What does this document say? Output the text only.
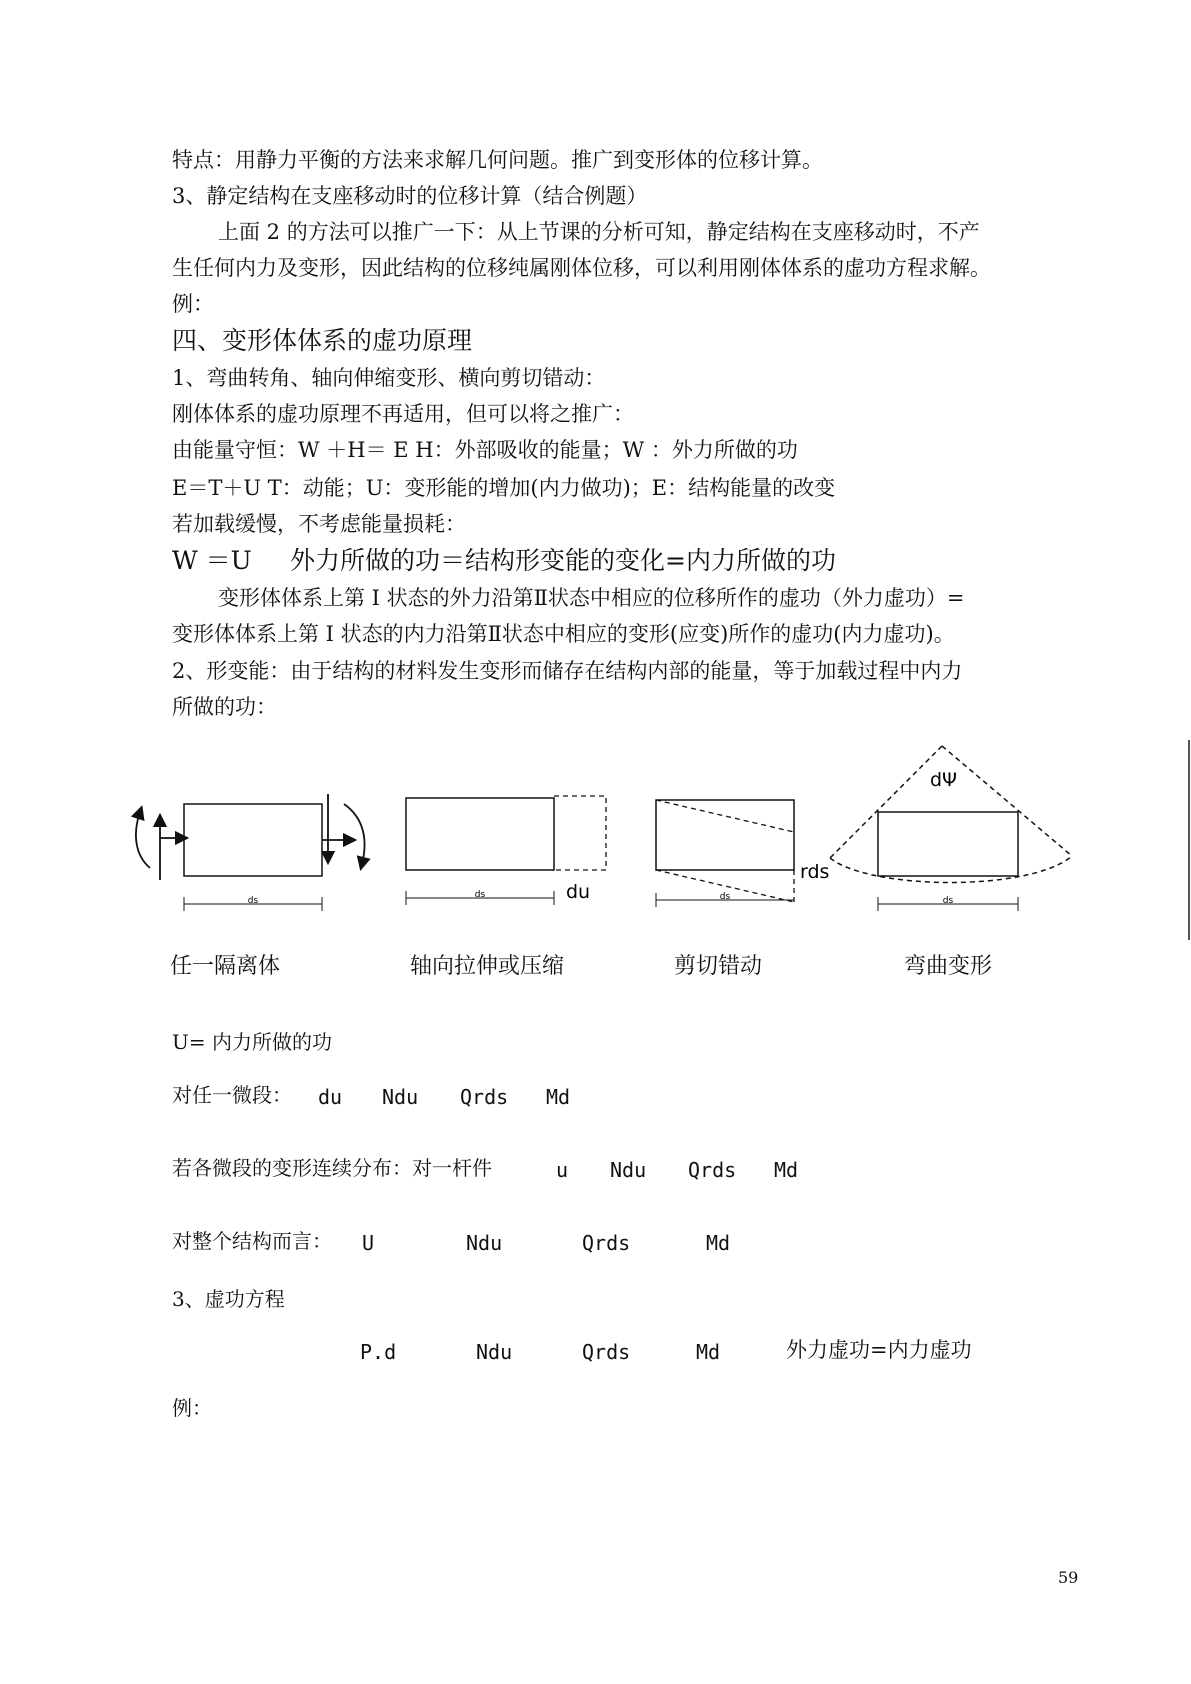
特点：用静力平衡的方法来求解几何问题。推广到变形体的位移计算。
3、静定结构在支座移动时的位移计算（结合例题）
上面 2 的方法可以推广一下：从上节课的分析可知，静定结构在支座移动时，不产
生任何内力及变形，因此结构的位移纯属刚体位移，可以利用刚体体系的虚功方程求解。
例：
四、变形体体系的虚功原理
1、弯曲转角、轴向伸缩变形、横向剪切错动：
刚体体系的虚功原理不再适用，但可以将之推广：
由能量守恒：W ＋H＝ E H：外部吸收的能量；W ：外力所做的功
E＝T＋U T：动能；U：变形能的增加(内力做功)；E：结构能量的改变
若加载缓慢，不考虑能量损耗：
W ＝U 外力所做的功＝结构形变能的变化=内力所做的功
变形体体系上第 I 状态的外力沿第Ⅱ状态中相应的位移所作的虚功（外力虚功）=
变形体体系上第 I 状态的内力沿第Ⅱ状态中相应的变形(应变)所作的虚功(内力虚功)。
2、形变能：由于结构的材料发生变形而储存在结构内部的能量，等于加载过程中内力
所做的功：
ds
ds	du	ds
rds
ds
dΨ
任一隔离体	轴向拉伸或压缩	剪切错动	弯曲变形
U= 内力所做的功
对任一微段： du Ndu Qrds Md
若各微段的变形连续分布：对一杆件	u Ndu Qrds Md
对整个结构而言： U	Ndu	Qrds	Md
3、虚功方程
P.d	Ndu	Qrds	Md	外力虚功=内力虚功
例：
59
